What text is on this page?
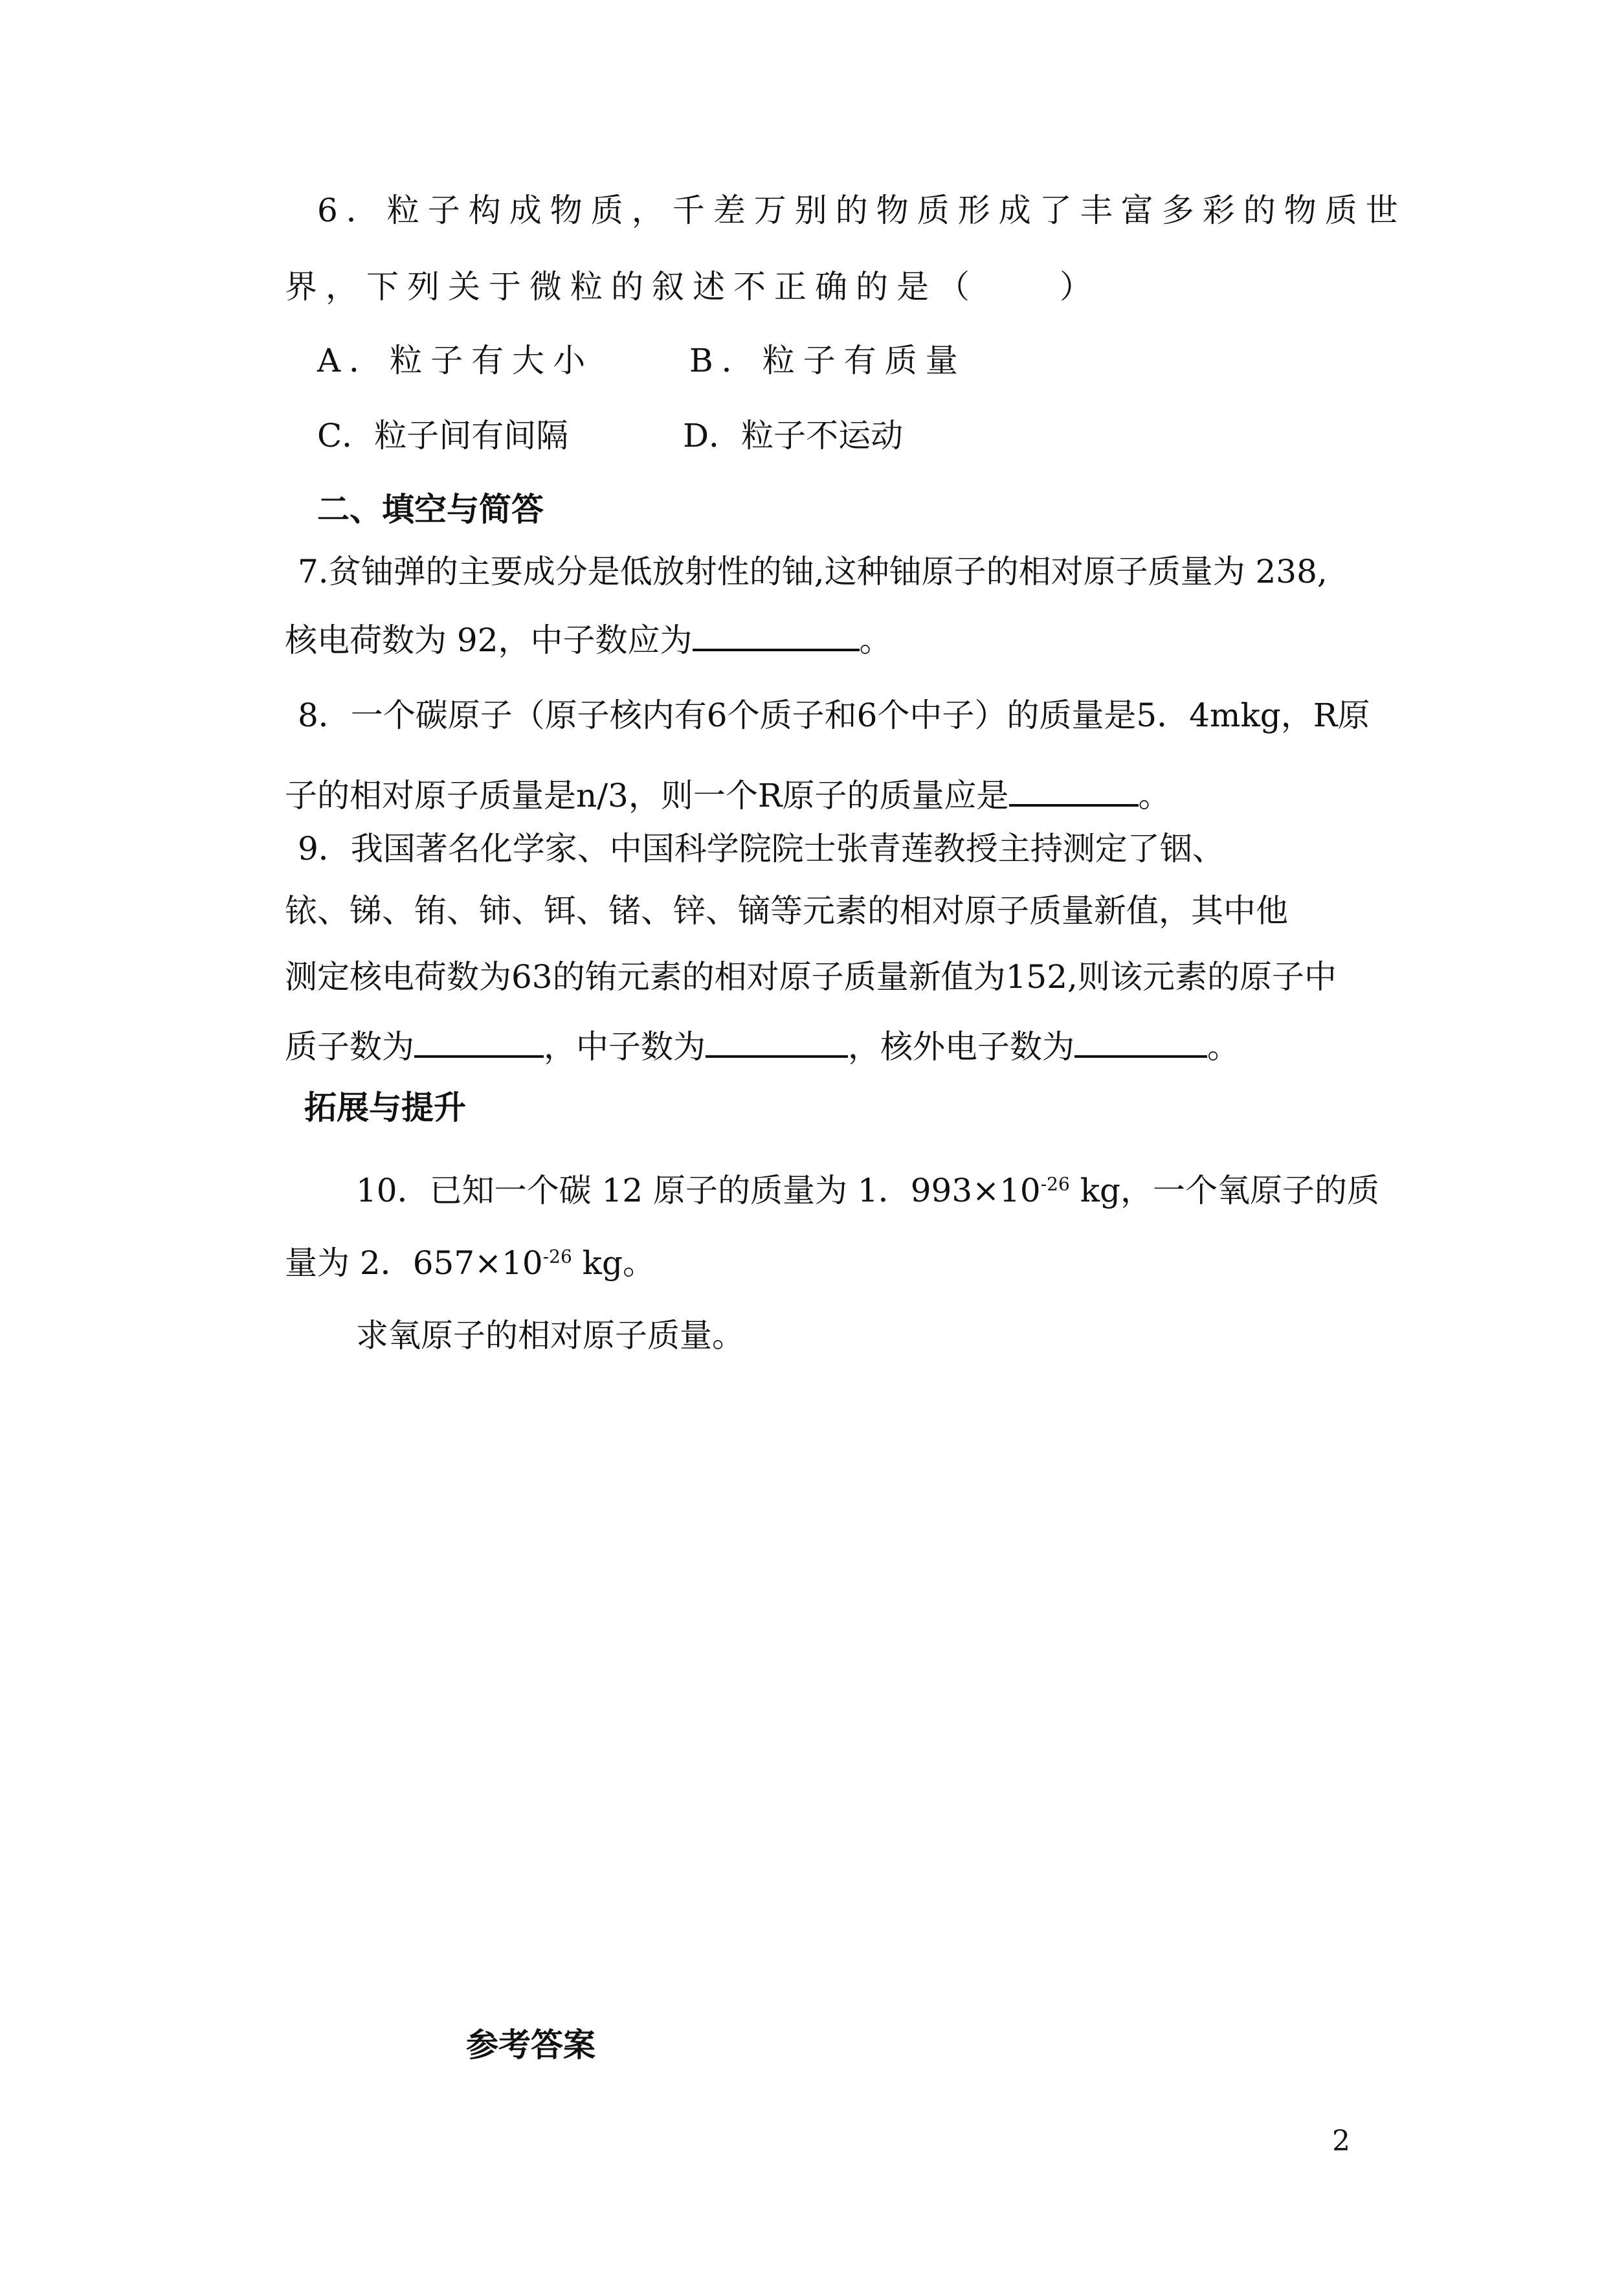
6．粒子构成物质，千差万别的物质形成了丰富多彩的物质世
界，下列关于微粒的叙述不正确的是（　　）
A．粒子有大小	B．粒子有质量
C．粒子间有间隔	D．粒子不运动
二、填空与简答
7.贫铀弹的主要成分是低放射性的铀,这种铀原子的相对原子质量为 238,
核电荷数为 92，中子数应为	。
8．一个碳原子（原子核内有6个质子和6个中子）的质量是5．4mkg，R原
子的相对原子质量是n/3，则一个R原子的质量应是	。
9．我国著名化学家、中国科学院院士张青莲教授主持测定了铟、
铱、锑、铕、铈、铒、锗、锌、镝等元素的相对原子质量新值，其中他
测定核电荷数为63的铕元素的相对原子质量新值为152,则该元素的原子中
质子数为	，中子数为	，核外电子数为	。
拓展与提升
10．已知一个碳 12 原子的质量为 1．$993\times 10^{-26}$ kg，一个氧原子的质
量为 2．$657\times 10^{-26}$ kg。
求氧原子的相对原子质量。
参考答案
2
